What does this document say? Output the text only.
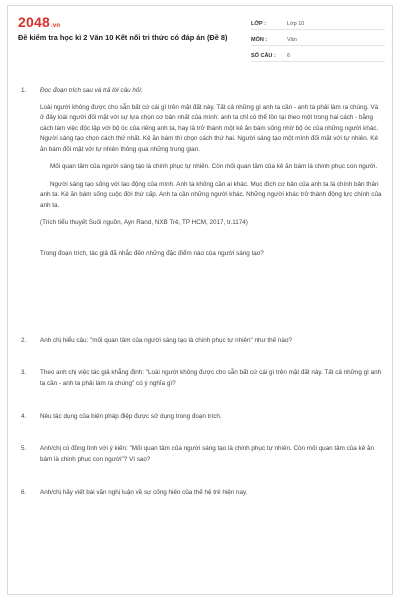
2048.vn
Đề kiểm tra học kì 2 Văn 10 Kết nối tri thức có đáp án (Đề 8)
LỚP :	Lớp 10
MÔN :	Văn
SỐ CÂU :	6
1.	Đọc đoạn trích sau và trả lời câu hỏi:

Loài người không được cho sẵn bất cứ cái gì trên mặt đất này. Tất cả những gì anh ta cần - anh ta phải làm ra chúng. Và ở đây loài người đối mặt với sự lựa chọn cơ bản nhất của mình: anh ta chỉ có thể tồn tại theo một trong hai cách - bằng cách làm việc độc lập với bộ óc của riêng anh ta, hay là trở thành một kẻ ăn bám sống nhờ bộ óc của những người khác. Người sáng tạo chọn cách thứ nhất. Kẻ ăn bám thì chọn cách thứ hai. Người sáng tạo một mình đối mặt với tự nhiên. Kẻ ăn bám đối mặt với tự nhiên thông qua những trung gian.

Mối quan tâm của người sáng tạo là chinh phục tự nhiên. Còn mối quan tâm của kẻ ăn bám là chinh phục con người.

Người sáng tạo sống với lao động của mình. Anh ta không cần ai khác. Mục đích cơ bản của anh ta là chính bản thân anh ta. Kẻ ăn bám sống cuộc đời thứ cấp. Anh ta cần những người khác. Những người khác trở thành động lực chính của anh ta.

(Trích tiểu thuyết Suối nguồn, Ayn Rand, NXB Trẻ, TP HCM, 2017, tr.1174)

Trong đoạn trích, tác giả đã nhắc đến những đặc điểm nào của người sáng tạo?

2.	Anh chị hiểu câu: "mối quan tâm của người sáng tạo là chinh phục tự nhiên" như thế nào?
3.	Theo anh chị việc tác giả khẳng định: "Loài người không được cho sẵn bất cứ cái gì trên mặt đất này. Tất cả những gì anh ta cần - anh ta phải làm ra chúng" có ý nghĩa gì?
4.	Nêu tác dụng của biện pháp điệp được sử dụng trong đoạn trích.
5.	Anh/chị có đồng tình với ý kiến: "Mối quan tâm của người sáng tạo là chinh phục tự nhiên. Còn mối quan tâm của kẻ ăn bám là chinh phục con người"? Vì sao?
6.	Anh/chị hãy viết bài văn nghị luận về sự cống hiến của thế hệ trẻ hiện nay.
